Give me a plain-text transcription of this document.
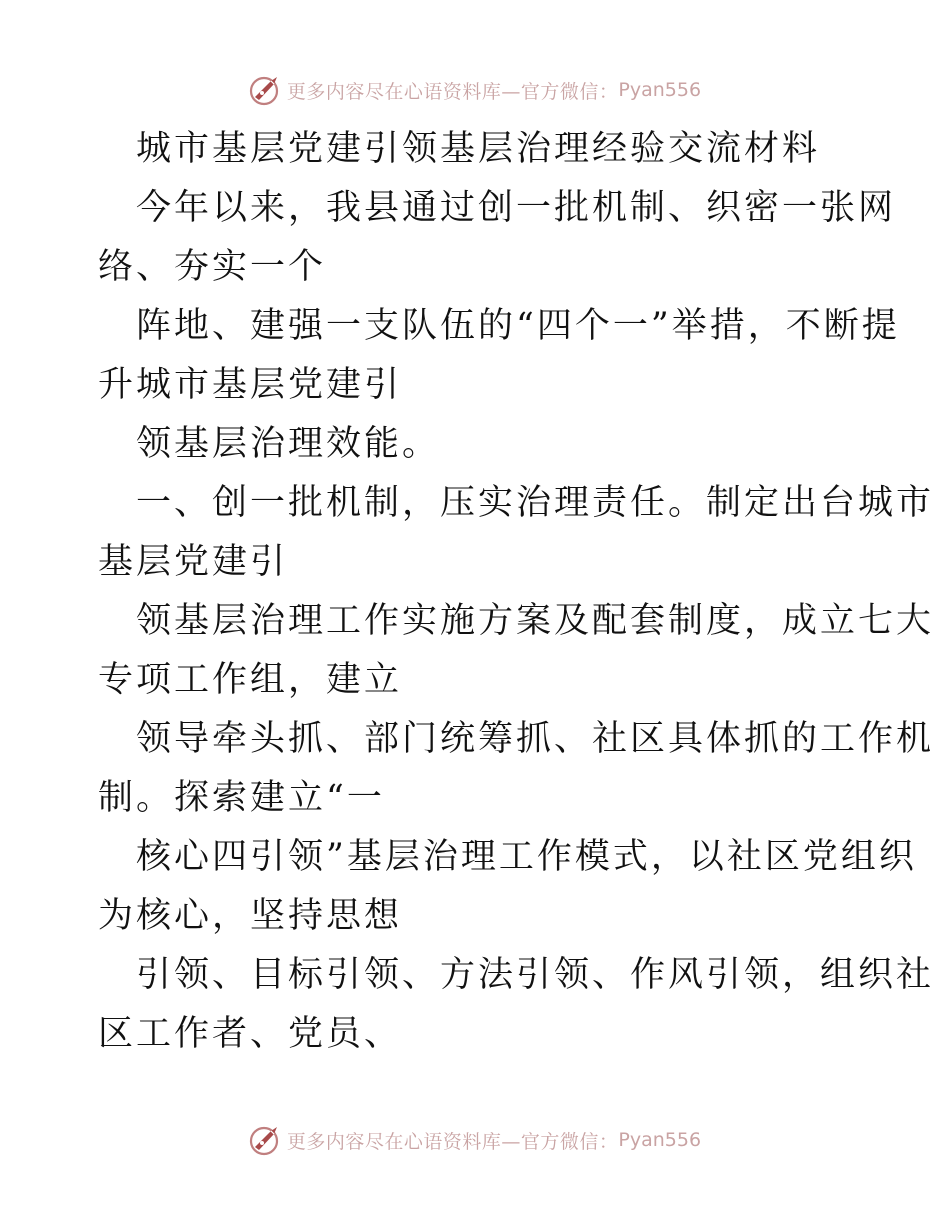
更多内容尽在心语资料库—官方微信： Pyan556
城市基层党建引领基层治理经验交流材料
今年以来，我县通过创一批机制、织密一张网
络、夯实一个
阵地、建强一支队伍的“四个一”举措，不断提
升城市基层党建引
领基层治理效能。
一、创一批机制，压实治理责任。制定出台城市
基层党建引
领基层治理工作实施方案及配套制度，成立七大
专项工作组，建立
领导牵头抓、部门统筹抓、社区具体抓的工作机
制。探索建立“一
核心四引领”基层治理工作模式，以社区党组织
为核心，坚持思想
引领、目标引领、方法引领、作风引领，组织社
区工作者、党员、
更多内容尽在心语资料库—官方微信： Pyan556
